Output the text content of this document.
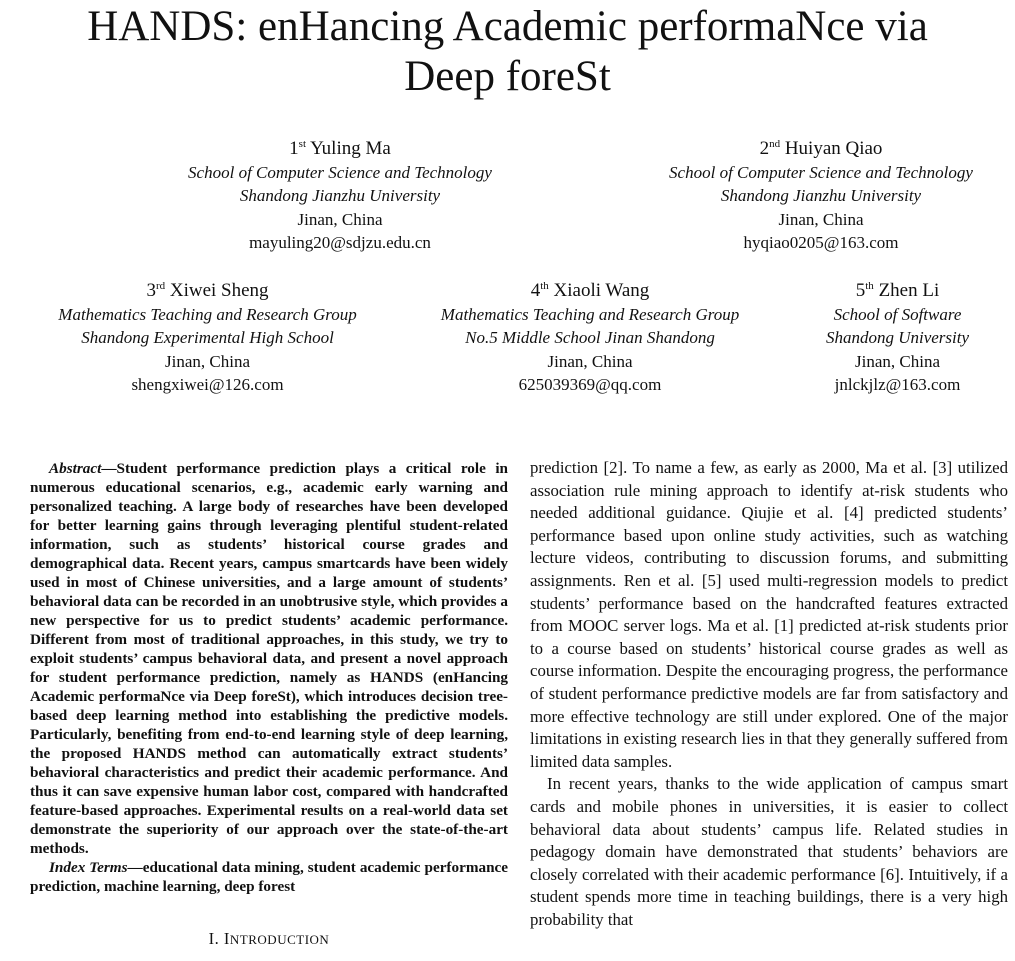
HANDS: enHancing Academic performaNce via
Deep foreSt
1st Yuling Ma
School of Computer Science and Technology
Shandong Jianzhu University
Jinan, China
mayuling20@sdjzu.edu.cn
2nd Huiyan Qiao
School of Computer Science and Technology
Shandong Jianzhu University
Jinan, China
hyqiao0205@163.com
3rd Xiwei Sheng
Mathematics Teaching and Research Group
Shandong Experimental High School
Jinan, China
shengxiwei@126.com
4th Xiaoli Wang
Mathematics Teaching and Research Group
No.5 Middle School Jinan Shandong
Jinan, China
625039369@qq.com
5th Zhen Li
School of Software
Shandong University
Jinan, China
jnlckjlz@163.com

Abstract—Student performance prediction plays a critical role in numerous educational scenarios, e.g., academic early warning and personalized teaching. A large body of researches have been developed for better learning gains through leveraging plentiful student-related information, such as students’ historical course grades and demographical data. Recent years, campus smartcards have been widely used in most of Chinese universities, and a large amount of students’ behavioral data can be recorded in an unobtrusive style, which provides a new perspective for us to predict students’ academic performance. Different from most of traditional approaches, in this study, we try to exploit students’ campus behavioral data, and present a novel approach for student performance prediction, namely as HANDS (enHancing Academic performaNce via Deep foreSt), which introduces decision tree-based deep learning method into establishing the predictive models. Particularly, benefiting from end-to-end learning style of deep learning, the proposed HANDS method can automatically extract students’ behavioral characteristics and predict their academic performance. And thus it can save expensive human labor cost, compared with handcrafted feature-based approaches. Experimental results on a real-world data set demonstrate the superiority of our approach over the state-of-the-art methods.

Index Terms—educational data mining, student academic performance prediction, machine learning, deep forest

I. INTRODUCTION

prediction [2]. To name a few, as early as 2000, Ma et al. [3] utilized association rule mining approach to identify at-risk students who needed additional guidance. Qiujie et al. [4] predicted students’ performance based upon online study activities, such as watching lecture videos, contributing to discussion forums, and submitting assignments. Ren et al. [5] used multi-regression models to predict students’ performance based on the handcrafted features extracted from MOOC server logs. Ma et al. [1] predicted at-risk students prior to a course based on students’ historical course grades as well as course information. Despite the encouraging progress, the performance of student performance predictive models are far from satisfactory and more effective technology are still under explored. One of the major limitations in existing research lies in that they generally suffered from limited data samples.

In recent years, thanks to the wide application of campus smart cards and mobile phones in universities, it is easier to collect behavioral data about students’ campus life. Related studies in pedagogy domain have demonstrated that students’ behaviors are closely correlated with their academic performance [6]. Intuitively, if a student spends more time in teaching buildings, there is a very high probability that
